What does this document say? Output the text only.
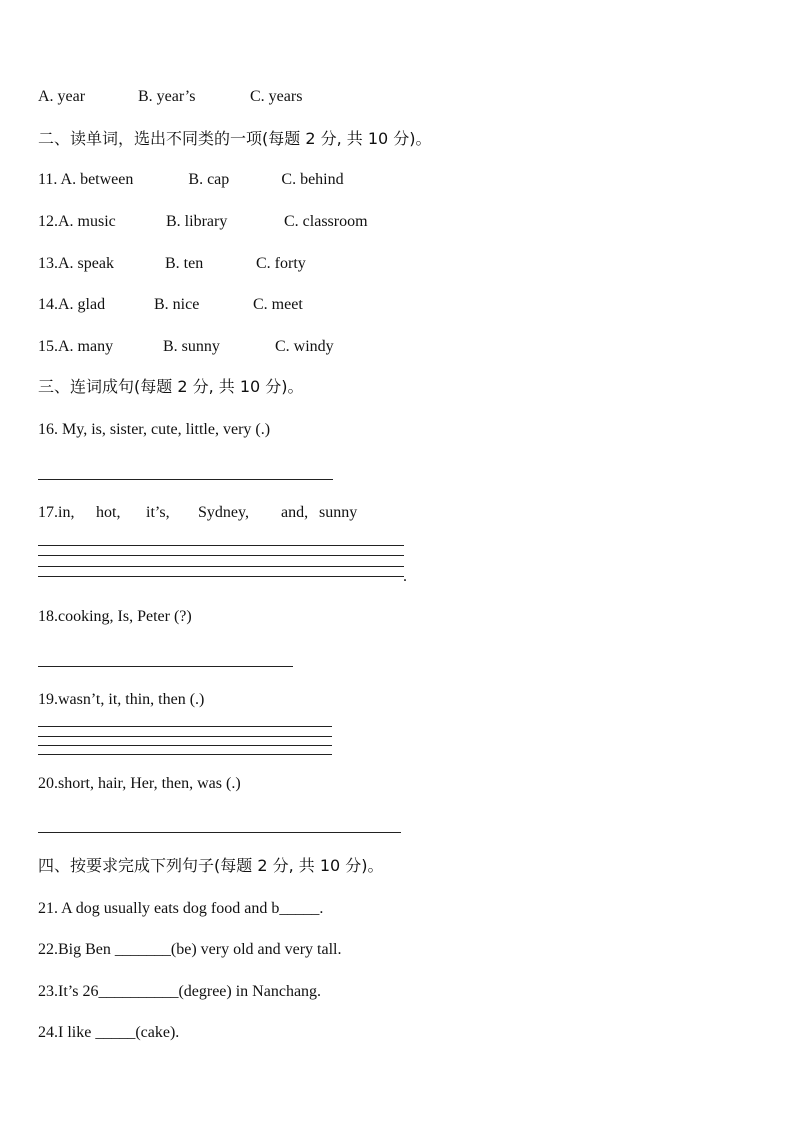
A. year	B. year’s	C. years
二、读单词，选出不同类的一项(每题 2 分, 共 10 分)。
11. A. between	B. cap	C. behind
12.A. music	B. library	C. classroom
13.A. speak	B. ten	C. forty
14.A. glad	B. nice	C. meet
15.A. many	B. sunny	C. windy
三、连词成句(每题 2 分, 共 10 分)。
16. My, is, sister, cute, little, very (.)
17.in, hot, it’s, Sydney, and, sunny
.
18.cooking, Is, Peter (?)
19.wasn’t, it, thin, then (.)
20.short, hair, Her, then, was (.)
四、按要求完成下列句子(每题 2 分, 共 10 分)。
21. A dog usually eats dog food and b_____.
22.Big Ben _______(be) very old and very tall.
23.It’s 26__________(degree) in Nanchang.
24.I like _____(cake).
